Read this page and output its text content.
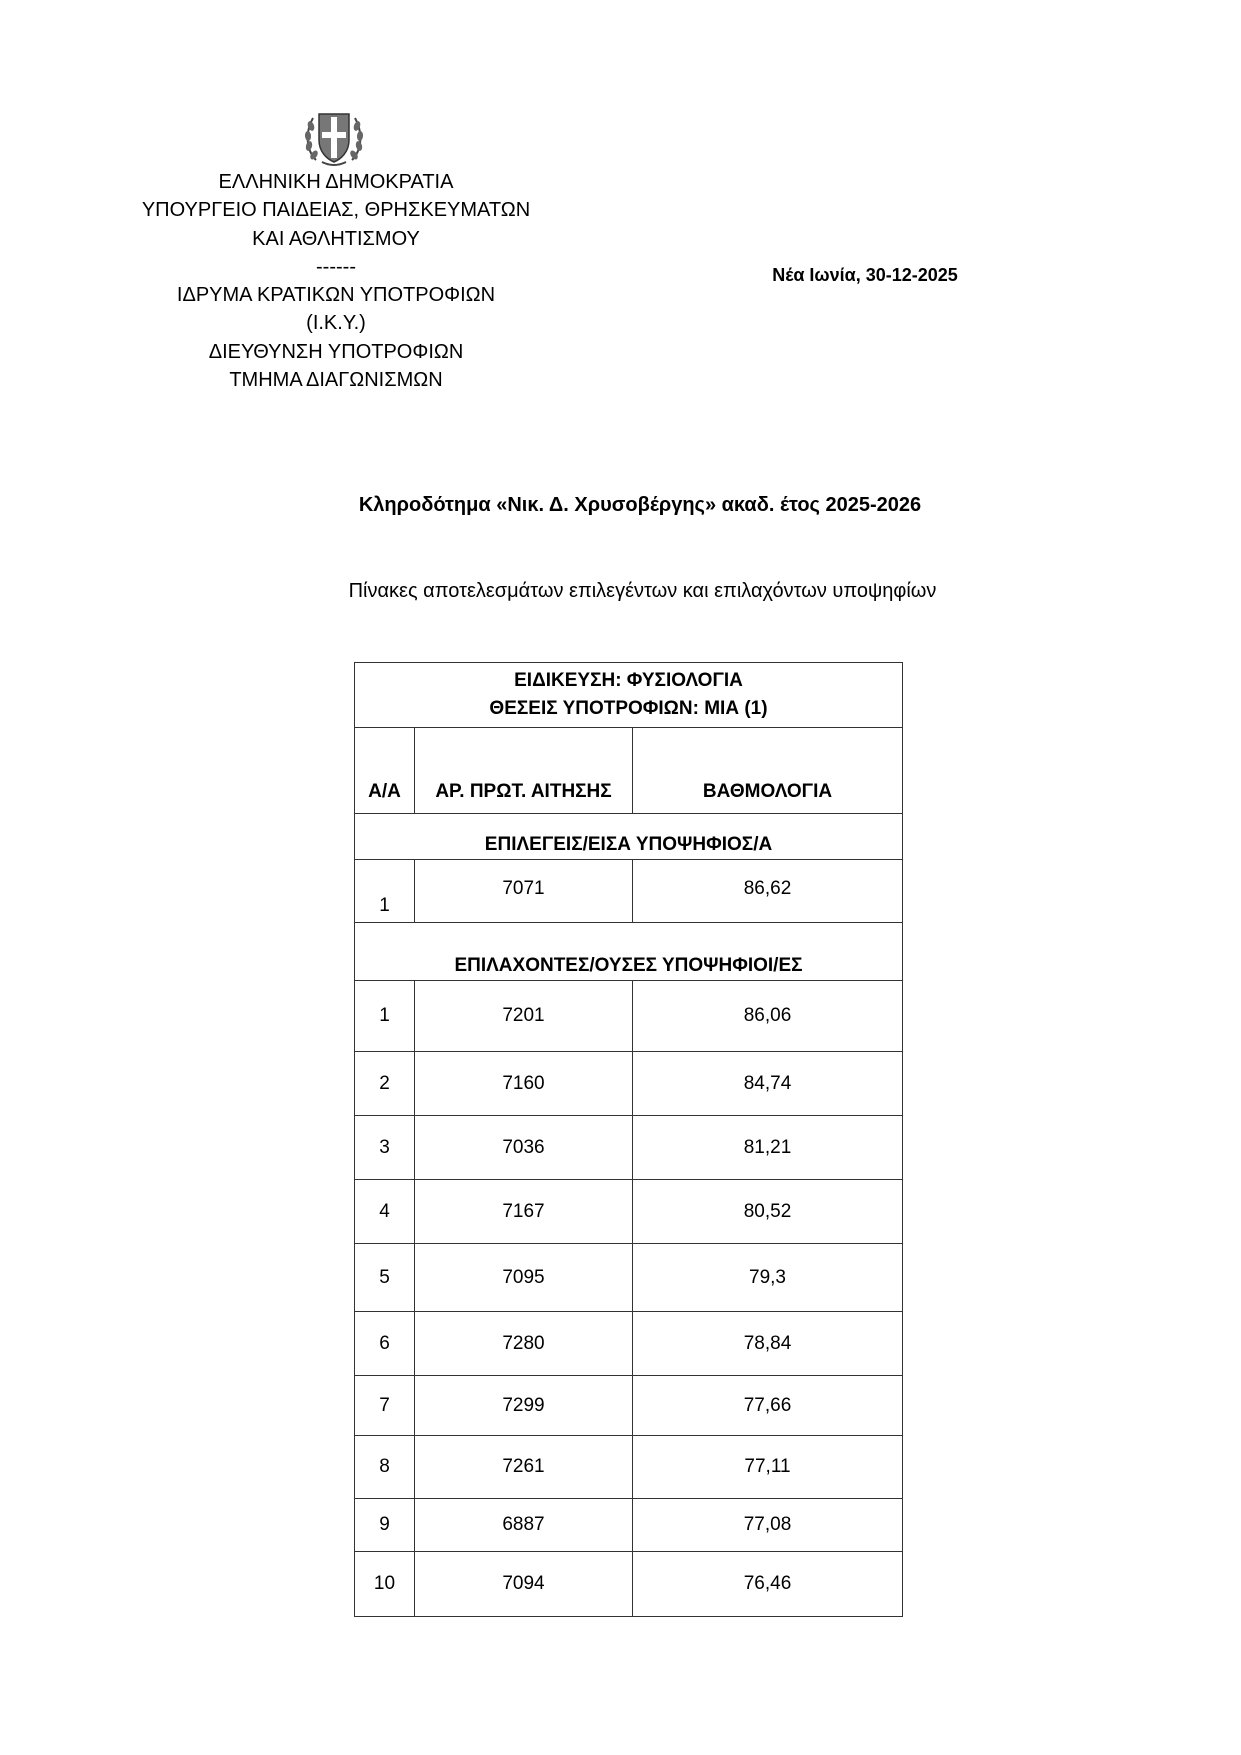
ΕΛΛΗΝΙΚΗ ΔΗΜΟΚΡΑΤΙΑ
ΥΠΟΥΡΓΕΙΟ ΠΑΙΔΕΙΑΣ, ΘΡΗΣΚΕΥΜΑΤΩΝ
ΚΑΙ ΑΘΛΗΤΙΣΜΟΥ
------
ΙΔΡΥΜΑ ΚΡΑΤΙΚΩΝ ΥΠΟΤΡΟΦΙΩΝ
(Ι.Κ.Υ.)
ΔΙΕΥΘΥΝΣΗ ΥΠΟΤΡΟΦΙΩΝ
ΤΜΗΜΑ ΔΙΑΓΩΝΙΣΜΩΝ
Νέα Ιωνία, 30-12-2025
Κληροδότημα «Νικ. Δ. Χρυσοβέργης» ακαδ. έτος 2025-2026
Πίνακες αποτελεσμάτων επιλεγέντων και επιλαχόντων υποψηφίων
ΕΙΔΙΚΕΥΣΗ: ΦΥΣΙΟΛΟΓΙΑ
ΘΕΣΕΙΣ ΥΠΟΤΡΟΦΙΩΝ: ΜΙΑ (1)		

Α/Α	ΑΡ. ΠΡΩΤ. ΑΙΤΗΣΗΣ	ΒΑΘΜΟΛΟΓΙΑ
ΕΠΙΛΕΓΕΙΣ/ΕΙΣΑ ΥΠΟΨΗΦΙΟΣ/Α		
1	7071	86,62
ΕΠΙΛΑΧΟΝΤΕΣ/ΟΥΣΕΣ ΥΠΟΨΗΦΙΟΙ/ΕΣ		
1	7201	86,06
2	7160	84,74
3	7036	81,21
4	7167	80,52
5	7095	79,3
6	7280	78,84
7	7299	77,66
8	7261	77,11
9	6887	77,08
10	7094	76,46
